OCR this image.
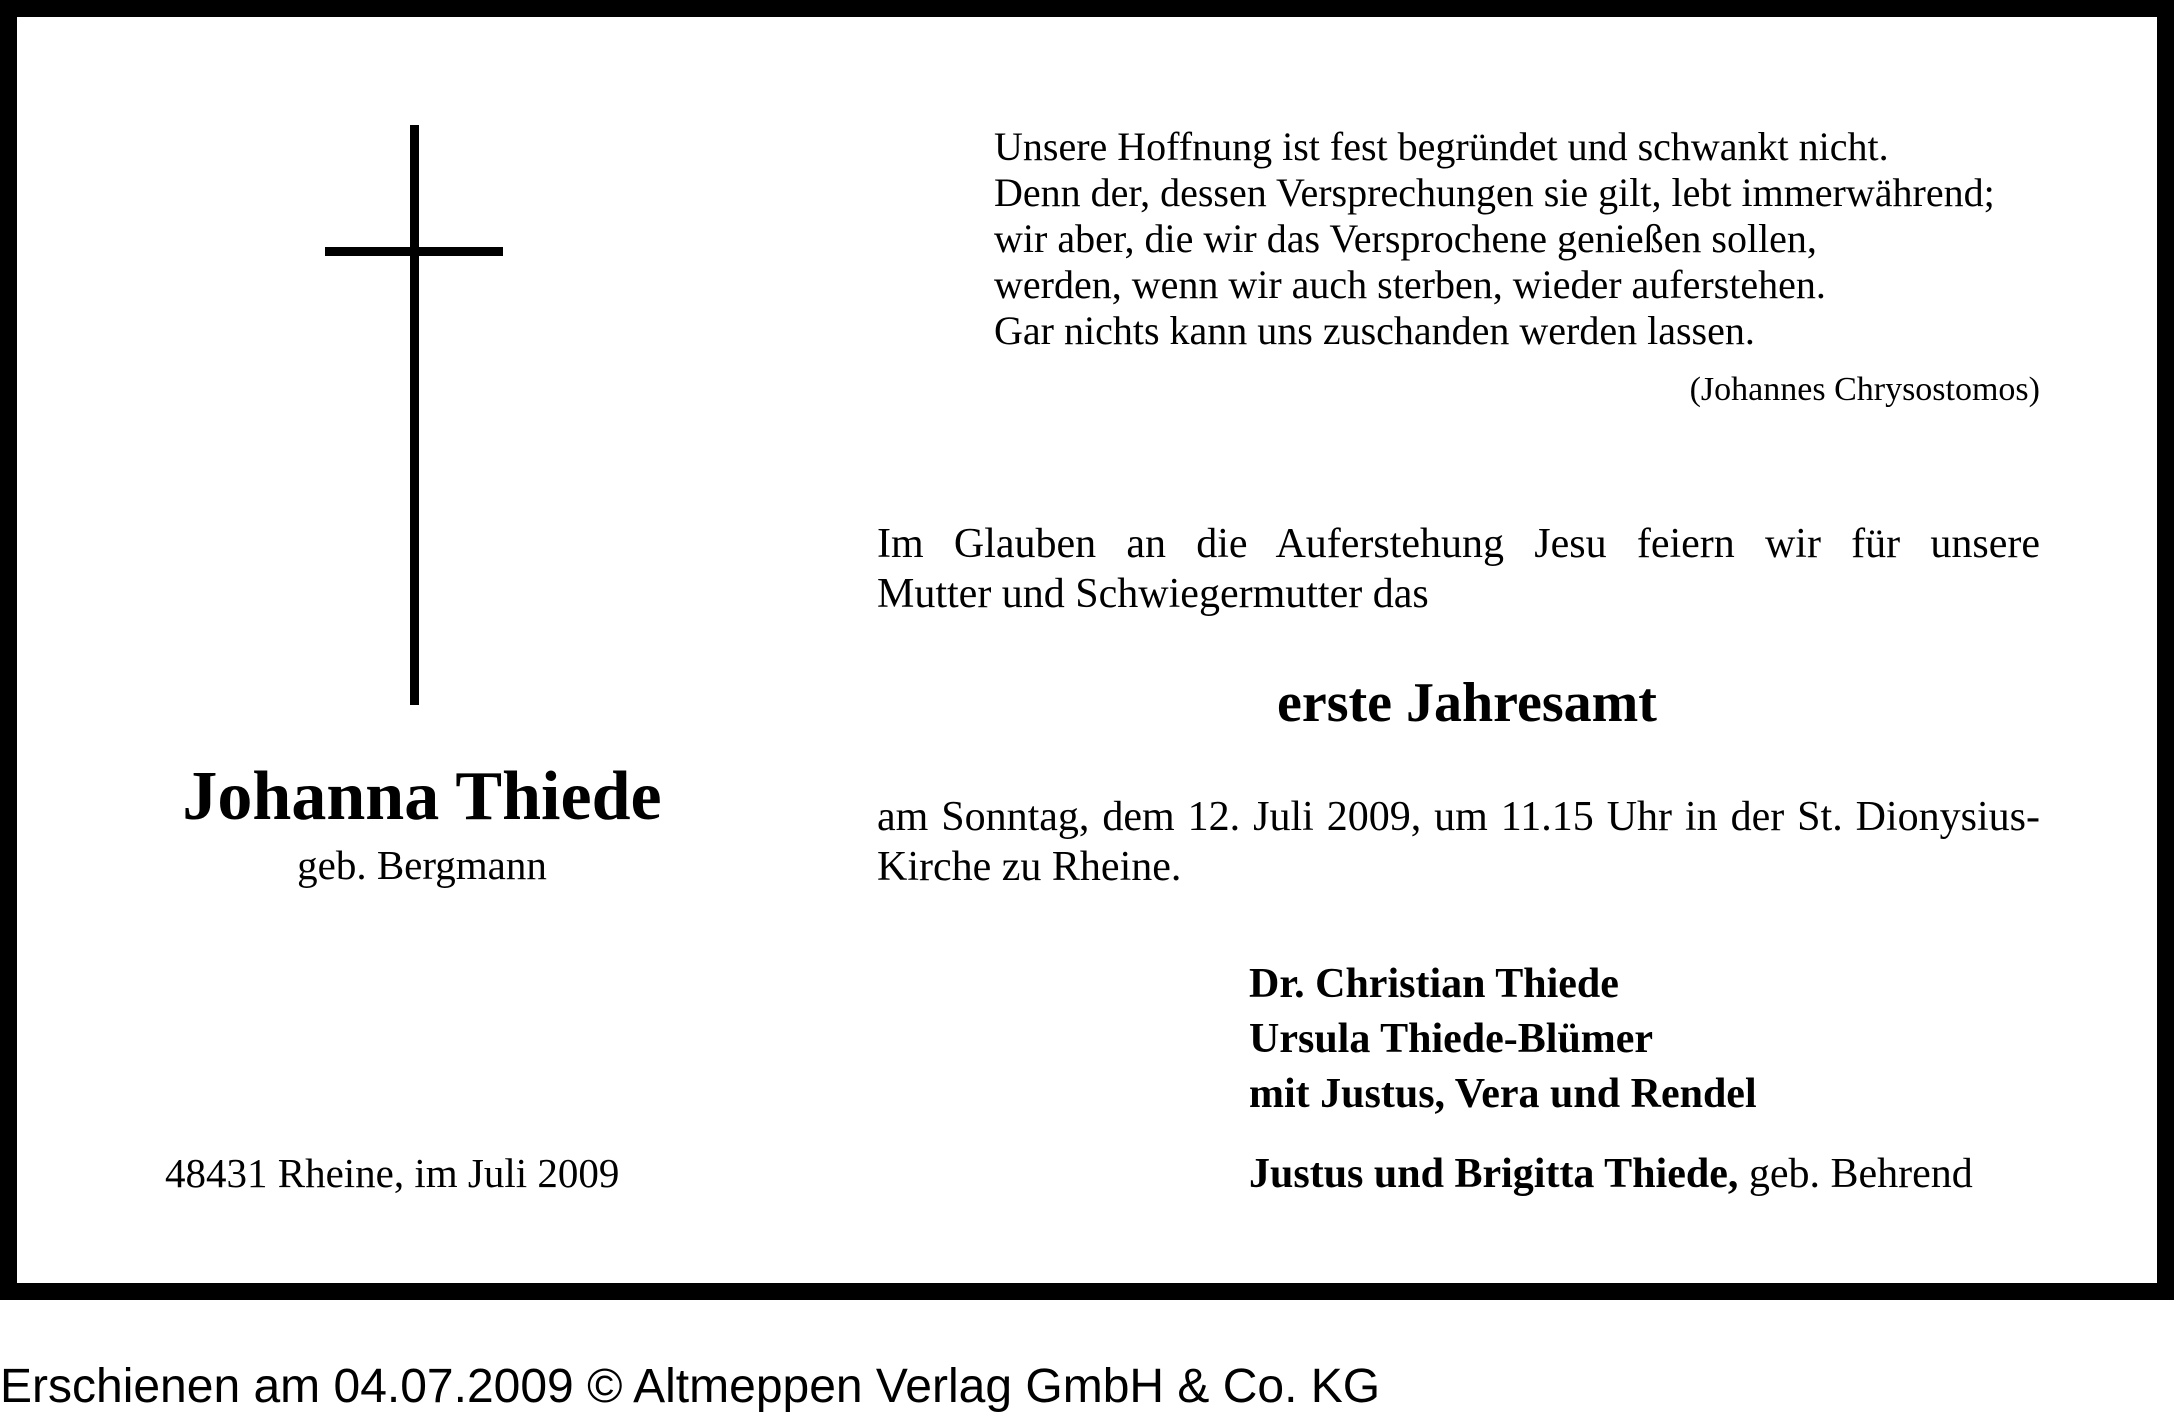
Johanna Thiede
geb. Bergmann
48431 Rheine, im Juli 2009
Unsere Hoffnung ist fest begründet und schwankt nicht.
Denn der, dessen Versprechungen sie gilt, lebt immerwährend;
wir aber, die wir das Versprochene genießen sollen,
werden, wenn wir auch sterben, wieder auferstehen.
Gar nichts kann uns zuschanden werden lassen.
(Johannes Chrysostomos)
Im Glauben an die Auferstehung Jesu feiern wir für unsere
Mutter und Schwiegermutter das
erste Jahresamt
am Sonntag, dem 12. Juli 2009, um 11.15 Uhr in der St. Dionysius-
Kirche zu Rheine.
Dr. Christian Thiede
Ursula Thiede-Blümer
mit Justus, Vera und Rendel
Justus und Brigitta Thiede, geb. Behrend
Erschienen am 04.07.2009 © Altmeppen Verlag GmbH & Co. KG
